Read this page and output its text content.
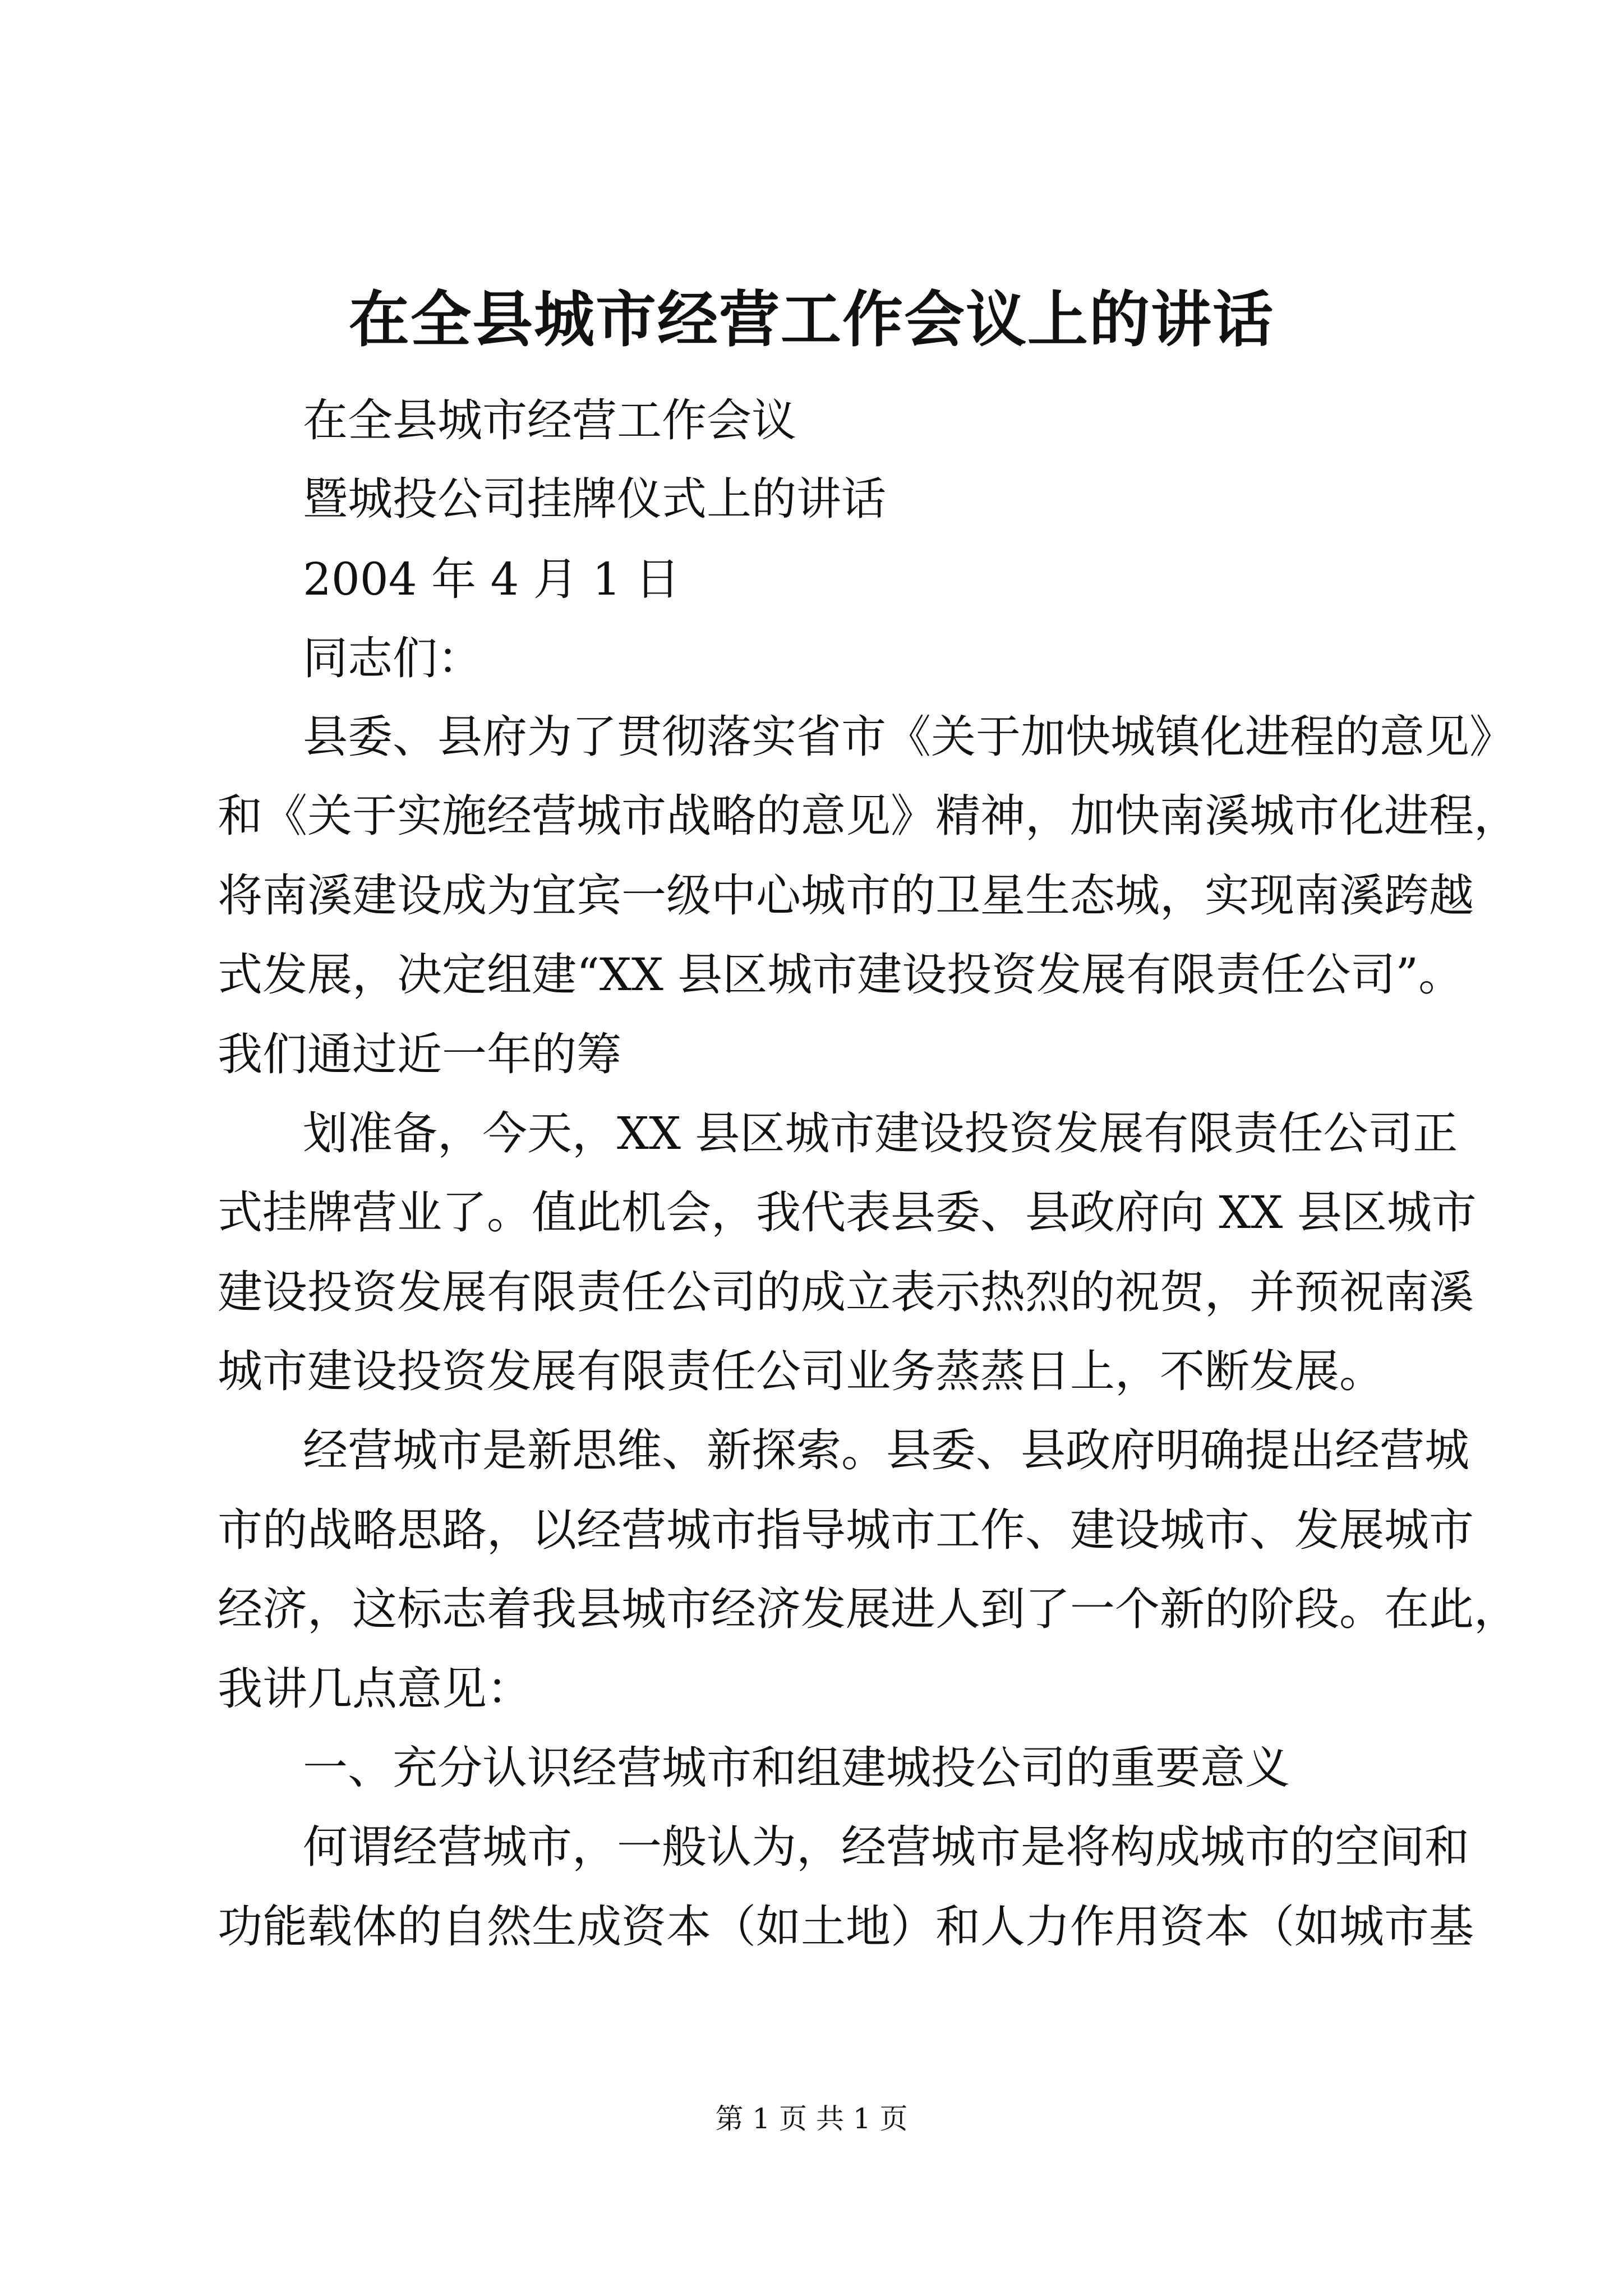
在全县城市经营工作会议上的讲话

在全县城市经营工作会议

暨城投公司挂牌仪式上的讲话

2004 年 4 月 1 日

同志们：

县委、县府为了贯彻落实省市《关于加快城镇化进程的意见》

和《关于实施经营城市战略的意见》精神，加快南溪城市化进程，

将南溪建设成为宜宾一级中心城市的卫星生态城，实现南溪跨越

式发展，决定组建“XX 县区城市建设投资发展有限责任公司”。

我们通过近一年的筹

划准备，今天，XX 县区城市建设投资发展有限责任公司正

式挂牌营业了。值此机会，我代表县委、县政府向 XX 县区城市

建设投资发展有限责任公司的成立表示热烈的祝贺，并预祝南溪

城市建设投资发展有限责任公司业务蒸蒸日上，不断发展。

经营城市是新思维、新探索。县委、县政府明确提出经营城

市的战略思路，以经营城市指导城市工作、建设城市、发展城市

经济，这标志着我县城市经济发展进人到了一个新的阶段。在此，

我讲几点意见：

一、充分认识经营城市和组建城投公司的重要意义

何谓经营城市，一般认为，经营城市是将构成城市的空间和

功能载体的自然生成资本（如土地）和人力作用资本（如城市基

第 1 页 共 1 页
